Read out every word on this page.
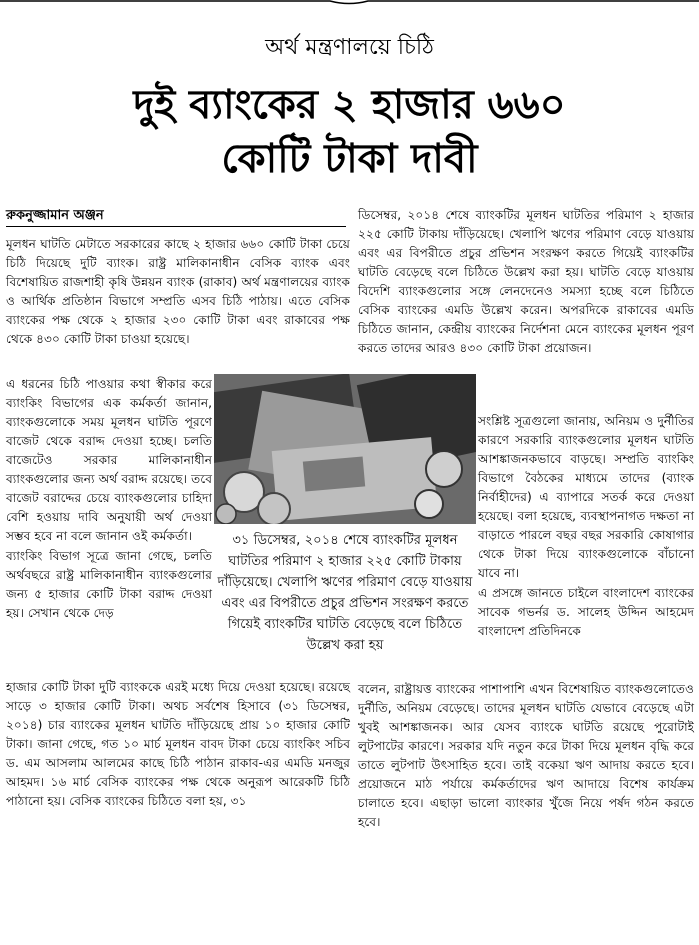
অর্থ মন্ত্রণালয়ে চিঠি
দুই ব্যাংকের ২ হাজার ৬৬০
কোটি টাকা দাবী
রুকনুজ্জামান অঞ্জন

মূলধন ঘাটতি মেটাতে সরকারের কাছে ২ হাজার ৬৬০ কোটি টাকা চেয়ে চিঠি দিয়েছে দুটি ব্যাংক। রাষ্ট্র মালিকানাধীন বেসিক ব্যাংক এবং বিশেষায়িত রাজশাহী কৃষি উন্নয়ন ব্যাংক (রাকাব) অর্থ মন্ত্রণালয়ের ব্যাংক ও আর্থিক প্রতিষ্ঠান বিভাগে সম্প্রতি এসব চিঠি পাঠায়। এতে বেসিক ব্যাংকের পক্ষ থেকে ২ হাজার ২৩০ কোটি টাকা এবং রাকাবের পক্ষ থেকে ৪৩০ কোটি টাকা চাওয়া হয়েছে।

এ ধরনের চিঠি পাওয়ার কথা স্বীকার করে ব্যাংকিং বিভাগের এক কর্মকর্তা জানান, ব্যাংকগুলোকে সময় মূলধন ঘাটতি পূরণে বাজেট থেকে বরাদ্দ দেওয়া হচ্ছে। চলতি বাজেটেও সরকার মালিকানাধীন ব্যাংকগুলোর জন্য অর্থ বরাদ্দ রয়েছে। তবে বাজেট বরাদ্দের চেয়ে ব্যাংকগুলোর চাহিদা বেশি হওয়ায় দাবি অনুযায়ী অর্থ দেওয়া সম্ভব হবে না বলে জানান ওই কর্মকর্তা।

ব্যাংকিং বিভাগ সূত্রে জানা গেছে, চলতি অর্থবছরে রাষ্ট্র মালিকানাধীন ব্যাংকগুলোর জন্য ৫ হাজার কোটি টাকা বরাদ্দ দেওয়া হয়। সেখান থেকে দেড়

হাজার কোটি টাকা দুটি ব্যাংককে এরই মধ্যে দিয়ে দেওয়া হয়েছে। রয়েছে সাড়ে ৩ হাজার কোটি টাকা। অথচ সর্বশেষ হিসাবে (৩১ ডিসেম্বর, ২০১৪) চার ব্যাংকের মূলধন ঘাটতি দাঁড়িয়েছে প্রায় ১০ হাজার কোটি টাকা। জানা গেছে, গত ১০ মার্চ মূলধন বাবদ টাকা চেয়ে ব্যাংকিং সচিব ড. এম আসলাম আলমের কাছে চিঠি পাঠান রাকাব-এর এমডি মনজুর আহমদ। ১৬ মার্চ বেসিক ব্যাংকের পক্ষ থেকে অনুরূপ আরেকটি চিঠি পাঠানো হয়। বেসিক ব্যাংকের চিঠিতে বলা হয়, ৩১

ডিসেম্বর, ২০১৪ শেষে ব্যাংকটির মূলধন ঘাটতির পরিমাণ ২ হাজার ২২৫ কোটি টাকায় দাঁড়িয়েছে। খেলাপি ঋণের পরিমাণ বেড়ে যাওয়ায় এবং এর বিপরীতে প্রচুর প্রভিশন সংরক্ষণ করতে গিয়েই ব্যাংকটির ঘাটতি বেড়েছে বলে চিঠিতে উল্লেখ করা হয়। ঘাটতি বেড়ে যাওয়ায় বিদেশি ব্যাংকগুলোর সঙ্গে লেনদেনেও সমস্যা হচ্ছে বলে চিঠিতে বেসিক ব্যাংকের এমডি উল্লেখ করেন। অপরদিকে রাকাবের এমডি চিঠিতে জানান, কেন্দ্রীয় ব্যাংকের নির্দেশনা মেনে ব্যাংকের মূলধন পূরণ করতে তাদের আরও ৪৩০ কোটি টাকা প্রয়োজন।

সংশ্লিষ্ট সূত্রগুলো জানায়, অনিয়ম ও দুর্নীতির কারণে সরকারি ব্যাংকগুলোর মূলধন ঘাটতি আশঙ্কাজনকভাবে বাড়ছে। সম্প্রতি ব্যাংকিং বিভাগে বৈঠকের মাধ্যমে তাদের (ব্যাংক নির্বাহীদের) এ ব্যাপারে সতর্ক করে দেওয়া হয়েছে। বলা হয়েছে, ব্যবস্থাপনাগত দক্ষতা না বাড়াতে পারলে বছর বছর সরকারি কোষাগার থেকে টাকা দিয়ে ব্যাংকগুলোকে বাঁচানো যাবে না।

এ প্রসঙ্গে জানতে চাইলে বাংলাদেশ ব্যাংকের সাবেক গভর্নর ড. সালেহ উদ্দিন আহমেদ বাংলাদেশ প্রতিদিনকে

বলেন, রাষ্ট্রায়ত্ত ব্যাংকের পাশাপাশি এখন বিশেষায়িত ব্যাংকগুলোতেও দুর্নীতি, অনিয়ম বেড়েছে। তাদের মূলধন ঘাটতি যেভাবে বেড়েছে এটা খুবই আশঙ্কাজনক। আর যেসব ব্যাংকে ঘাটতি রয়েছে পুরোটাই লুটপাটের কারণে। সরকার যদি নতুন করে টাকা দিয়ে মূলধন বৃদ্ধি করে তাতে লুটপাট উৎসাহিত হবে। তাই বকেয়া ঋণ আদায় করতে হবে। প্রয়োজনে মাঠ পর্যায়ে কর্মকর্তাদের ঋণ আদায়ে বিশেষ কার্যক্রম চালাতে হবে। এছাড়া ভালো ব্যাংকার খুঁজে নিয়ে পর্ষদ গঠন করতে হবে।

৩১ ডিসেম্বর, ২০১৪ শেষে ব্যাংকটির মূলধন ঘাটতির পরিমাণ ২ হাজার ২২৫ কোটি টাকায় দাঁড়িয়েছে। খেলাপি ঋণের পরিমাণ বেড়ে যাওয়ায় এবং এর বিপরীতে প্রচুর প্রভিশন সংরক্ষণ করতে গিয়েই ব্যাংকটির ঘাটতি বেড়েছে বলে চিঠিতে উল্লেখ করা হয়
